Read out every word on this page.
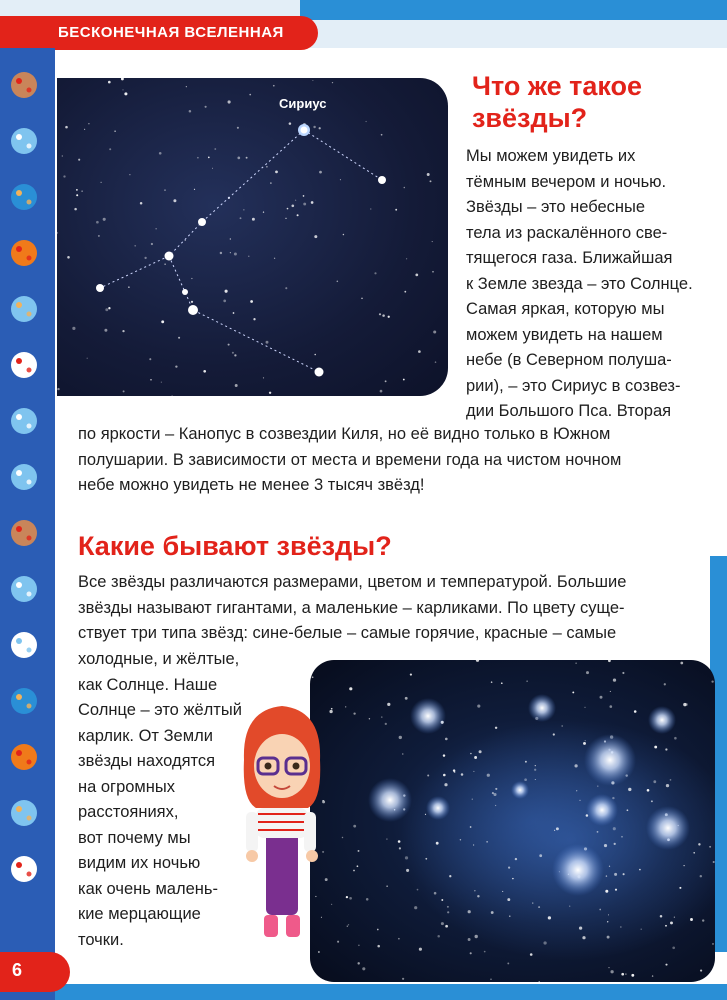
БЕСКОНЕЧНАЯ ВСЕЛЕННАЯ
6
Сириус
Что же такое
звёзды?
Мы можем увидеть их
тёмным вечером и ночью.
Звёзды – это небесные
тела из раскалённого све-
тящегося газа. Ближайшая
к Земле звезда – это Солнце.
Самая яркая, которую мы
можем увидеть на нашем
небе (в Северном полуша-
рии), – это Сириус в созвез-
дии Большого Пса. Вторая
по яркости – Канопус в созвездии Киля, но её видно только в Южном
полушарии. В зависимости от места и времени года на чистом ночном
небе можно увидеть не менее 3 тысяч звёзд!
Какие бывают звёзды?
Все звёзды различаются размерами, цветом и температурой. Большие
звёзды называют гигантами, а маленькие – карликами. По цвету суще-
ствует три типа звёзд: сине-белые – самые горячие, красные – самые
холодные, и жёлтые,
как Солнце. Наше
Солнце – это жёлтый
карлик. От Земли
звёзды находятся
на огромных
расстояниях,
вот почему мы
видим их ночью
как очень малень-
кие мерцающие
точки.
